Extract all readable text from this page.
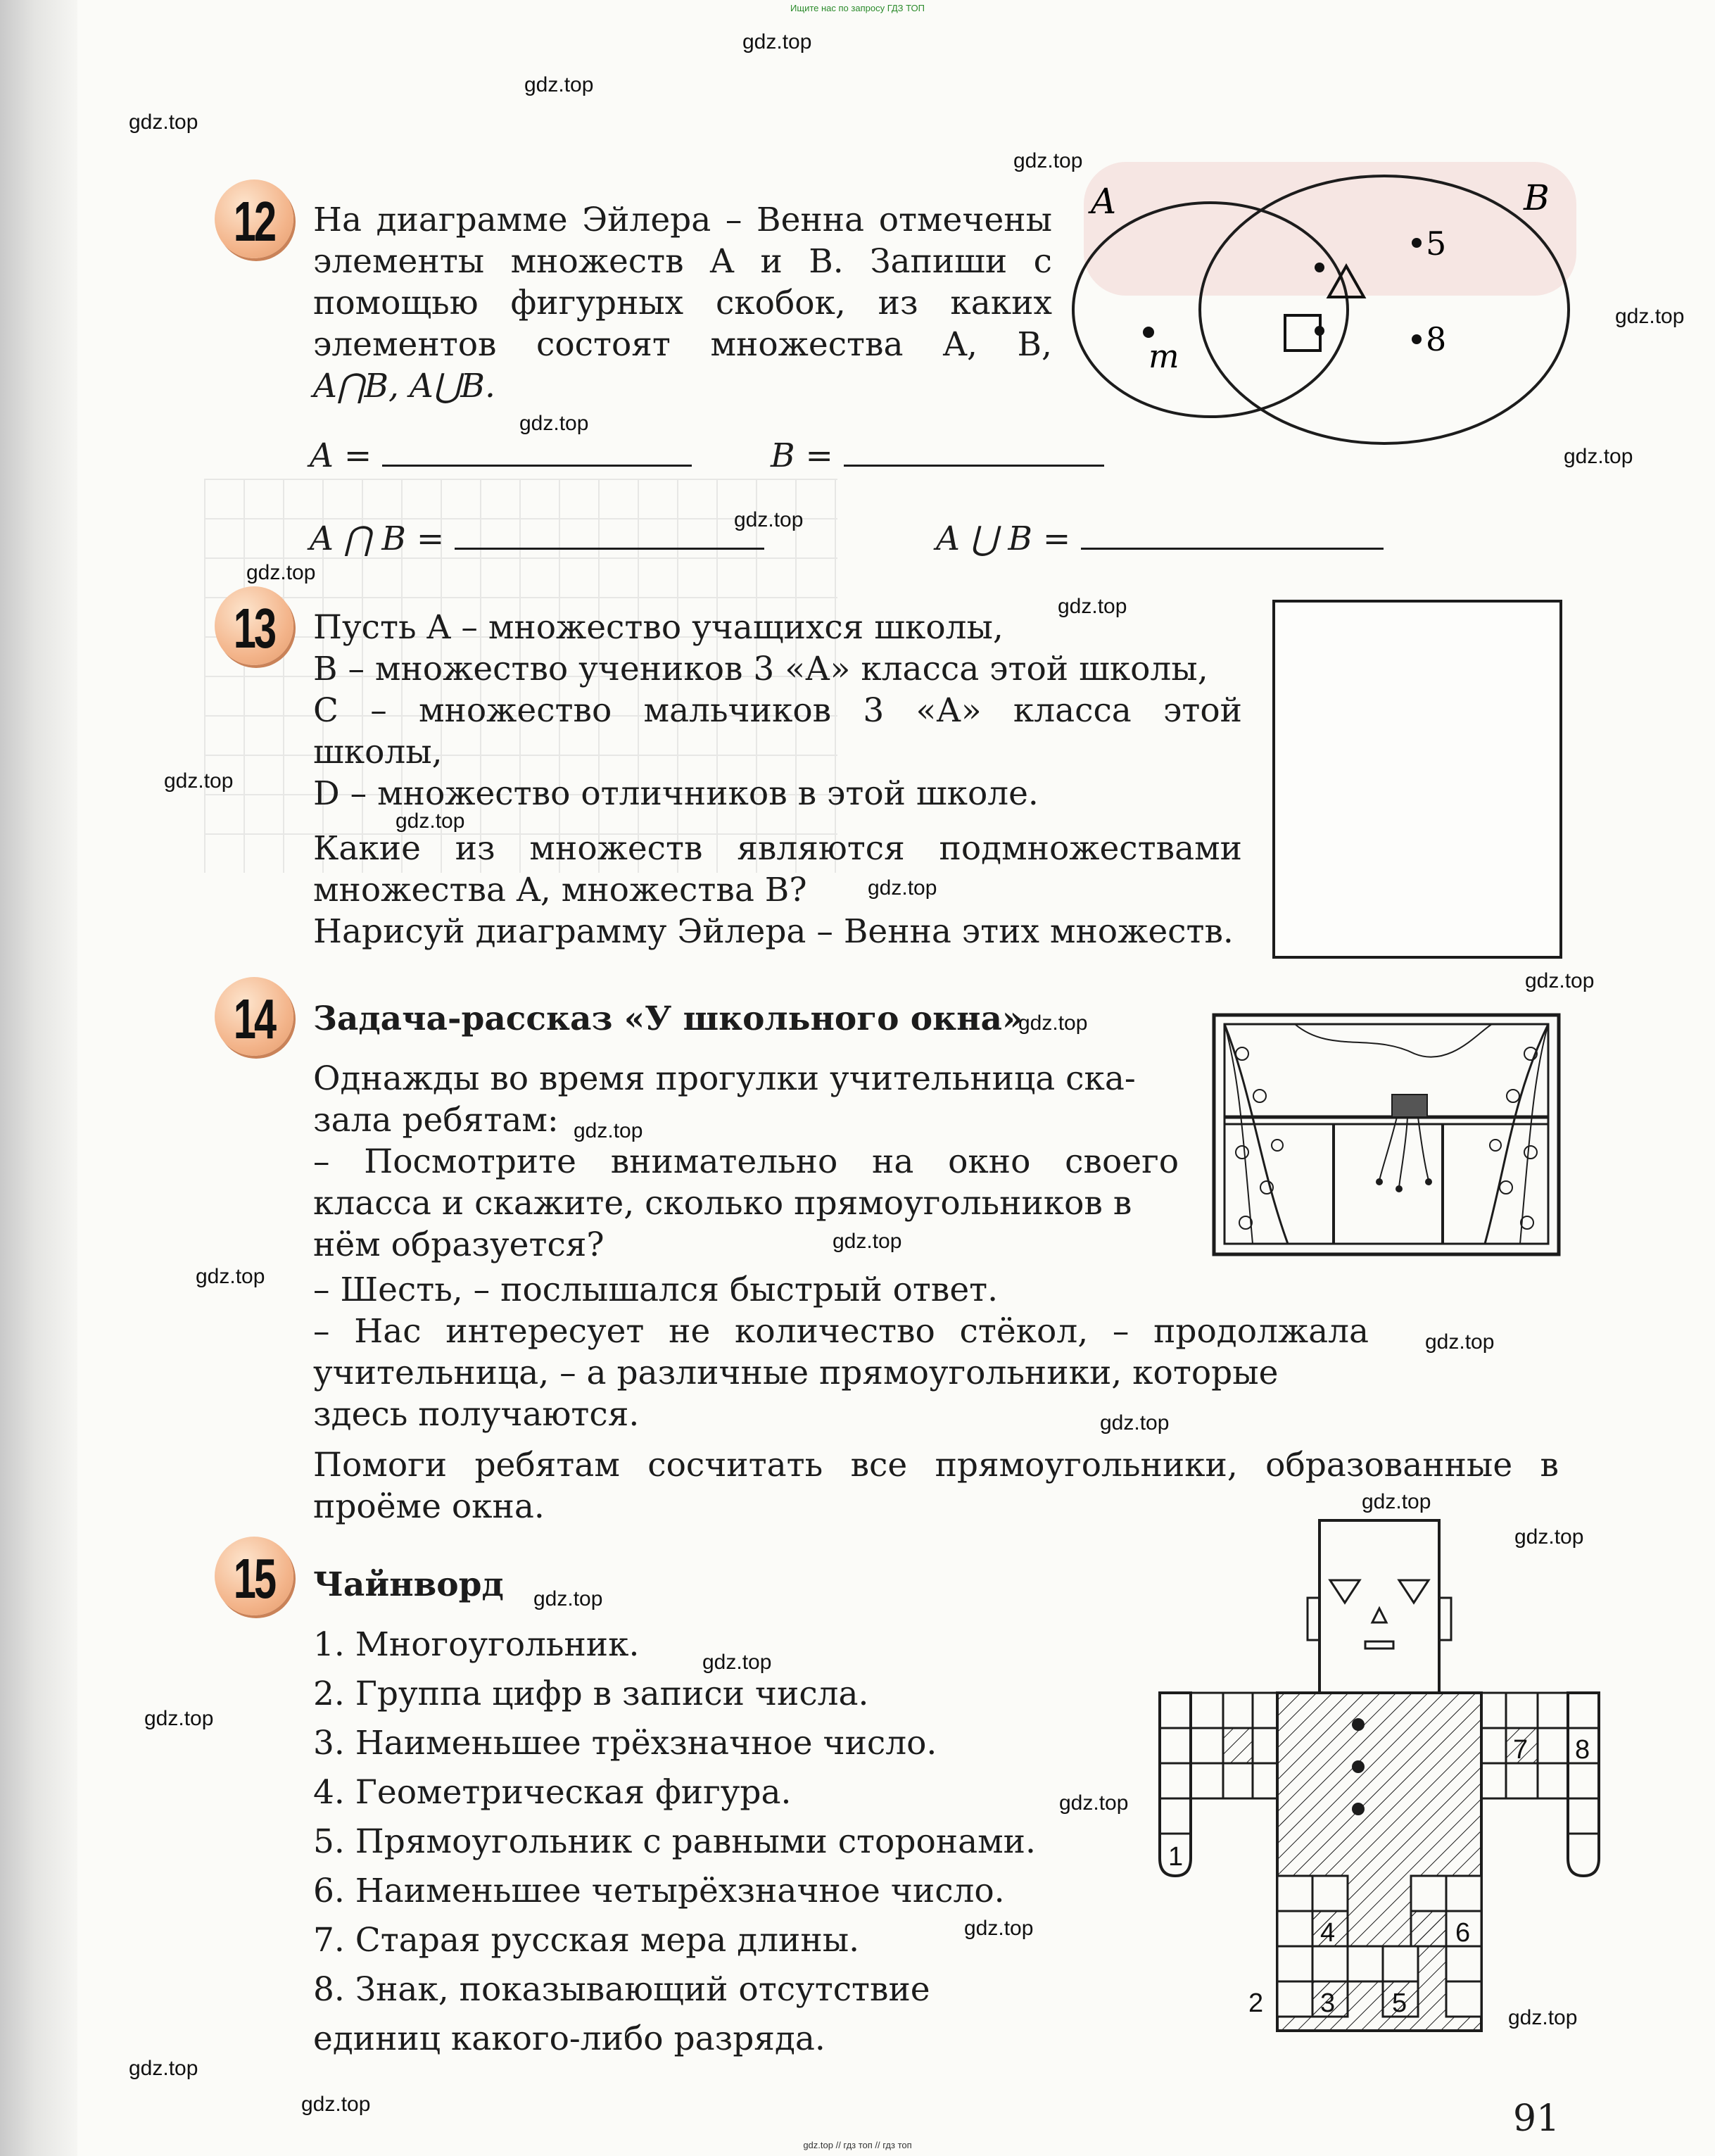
Ищите нас по запросу ГДЗ ТОП
12 На диаграмме Эйлера – Венна отмечены
элементы множеств A и B. Запиши с
помощью фигурных скобок, из каких
элементов состоят множества A, B,
A⋂B, A⋃B.
A	B
m
5
8
A =	B =
A ⋂ B =	A ⋃ B =
13 Пусть A – множество учащихся школы,
B – множество учеников 3 «А» класса этой школы,
C – множество мальчиков 3 «А» класса этой
школы,
D – множество отличников в этой школе.
Какие из множеств являются подмножествами
множества A, множества B?
Нарисуй диаграмму Эйлера – Венна этих множеств.
14 Задача-рассказ «У школьного окна»
Однажды во время прогулки учительница ска-
зала ребятам:
– Посмотрите внимательно на окно своего
класса и скажите, сколько прямоугольников в
нём образуется?
– Шесть, – послышался быстрый ответ.
– Нас интересует не количество стёкол, – продолжала
учительница, – а различные прямоугольники, которые
здесь получаются.
Помоги ребятам сосчитать все прямоугольники, образованные в
проёме окна.
15 Чайнворд
1. Многоугольник.
2. Группа цифр в записи числа.
3. Наименьшее трёхзначное число.
4. Геометрическая фигура.
5. Прямоугольник с равными сторонами.
6. Наименьшее четырёхзначное число.
7. Старая русская мера длины.
8. Знак, показывающий отсутствие
единиц какого-либо разряда.
1
2 3
4
5
6
7 8
91
gdz.top // гдз топ // гдз топ
gdz.top
gdz.top
gdz.top
gdz.top
gdz.top
gdz.top
gdz.top
gdz.top
gdz.top
gdz.top
gdz.top
gdz.top
gdz.top
gdz.top
gdz.top
gdz.top
gdz.top
gdz.top
gdz.top
gdz.top
gdz.top
gdz.top
gdz.top
gdz.top
gdz.top
gdz.top
gdz.top
gdz.top
gdz.top
gdz.top
